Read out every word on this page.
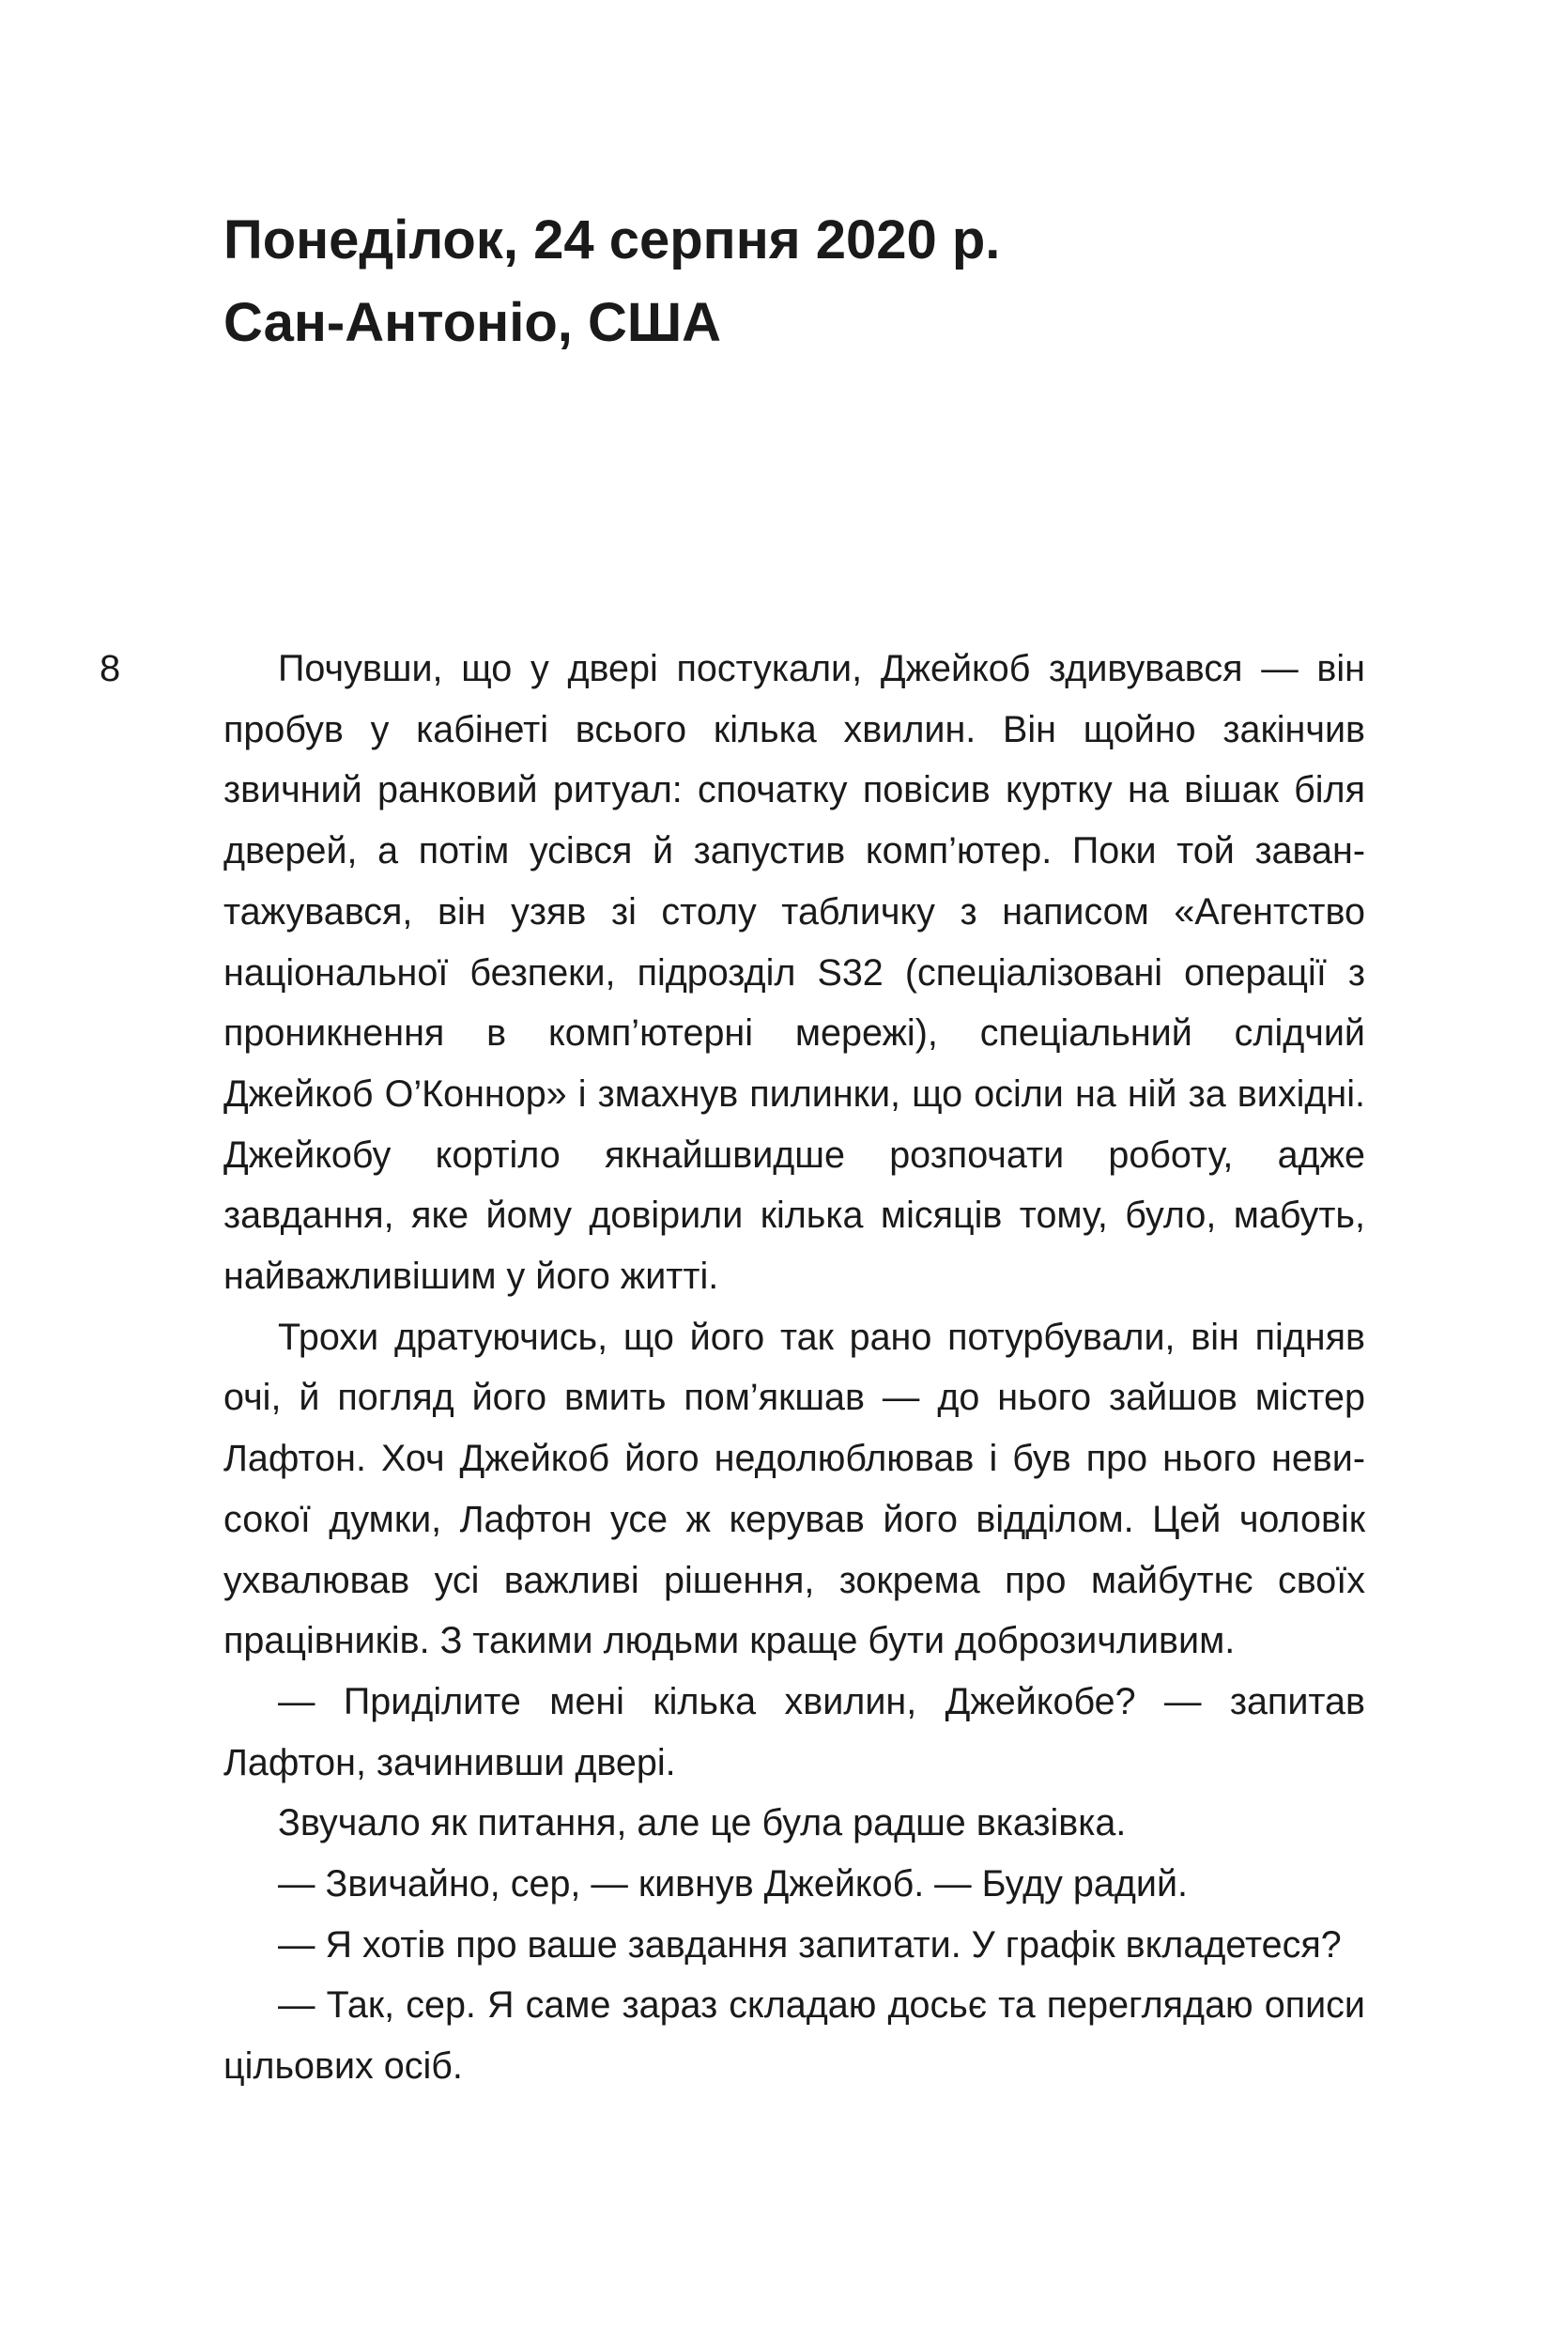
Понеділок, 24 серпня 2020 р.
Сан-Антоніо, США
8	Почувши, що у двері постукали, Джейкоб здивувався — він пробув у кабінеті всього кілька хвилин. Він щойно закінчив звичний ранковий ритуал: спочатку повісив куртку на вішак біля дверей, а потім усівся й запустив комп’ютер. Поки той завантажувався, він узяв зі столу табличку з написом «Агентство національної безпеки, підрозділ S32 (спеціалізовані операції з проникнення в комп’ютерні мережі), спеціальний слідчий Джейкоб О’Коннор» і змахнув пилинки, що осіли на ній за вихідні. Джейкобу кортіло якнайшвидше розпочати роботу, адже завдання, яке йому довірили кілька місяців тому, було, мабуть, найважливішим у його житті.

Трохи дратуючись, що його так рано потурбували, він підняв очі, й погляд його вмить пом’якшав — до нього зайшов містер Лафтон. Хоч Джейкоб його недолюблював і був про нього невисокої думки, Лафтон усе ж керував його відділом. Цей чоловік ухвалював усі важливі рішення, зокрема про майбутнє своїх працівників. З такими людьми краще бути доброзичливим.

— Приділите мені кілька хвилин, Джейкобе? — запитав Лафтон, зачинивши двері.

Звучало як питання, але це була радше вказівка.

— Звичайно, сер, — кивнув Джейкоб. — Буду радий.

— Я хотів про ваше завдання запитати. У графік вкладетеся?

— Так, сер. Я саме зараз складаю досьє та переглядаю описи цільових осіб.
